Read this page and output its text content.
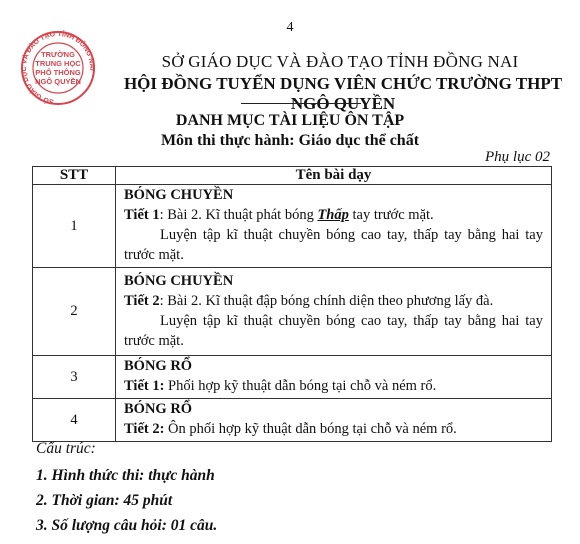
4
SỞ GIÁO DỤC VÀ ĐÀO TẠO TỈNH ĐỒNG NAI
TRƯỜNG
TRUNG HỌC
PHỔ THÔNG
NGÔ QUYỀN
SỞ GIÁO DỤC VÀ ĐÀO TẠO TỈNH ĐỒNG NAI
HỘI ĐỒNG TUYỂN DỤNG VIÊN CHỨC TRƯỜNG THPT NGÔ QUYỀN
DANH MỤC TÀI LIỆU ÔN TẬP
Môn thi thực hành: Giáo dục thể chất
Phụ lục 02
STT	Tên bài dạy
1	BÓNG CHUYỀN
Tiết 1: Bài 2. Kĩ thuật phát bóng Thấp tay trước mặt.
Luyện tập kĩ thuật chuyền bóng cao tay, thấp tay bằng hai tay trước mặt.

2	BÓNG CHUYỀN
Tiết 2: Bài 2. Kĩ thuật đập bóng chính diện theo phương lấy đà.
Luyện tập kĩ thuật chuyền bóng cao tay, thấp tay bằng hai tay trước mặt.

3	BÓNG RỔ
Tiết 1: Phối hợp kỹ thuật dẫn bóng tại chỗ và ném rổ.

4	BÓNG RỔ
Tiết 2: Ôn phối hợp kỹ thuật dẫn bóng tại chỗ và ném rổ.
Cấu trúc:
1. Hình thức thi: thực hành
2. Thời gian: 45 phút
3. Số lượng câu hỏi: 01 câu.
